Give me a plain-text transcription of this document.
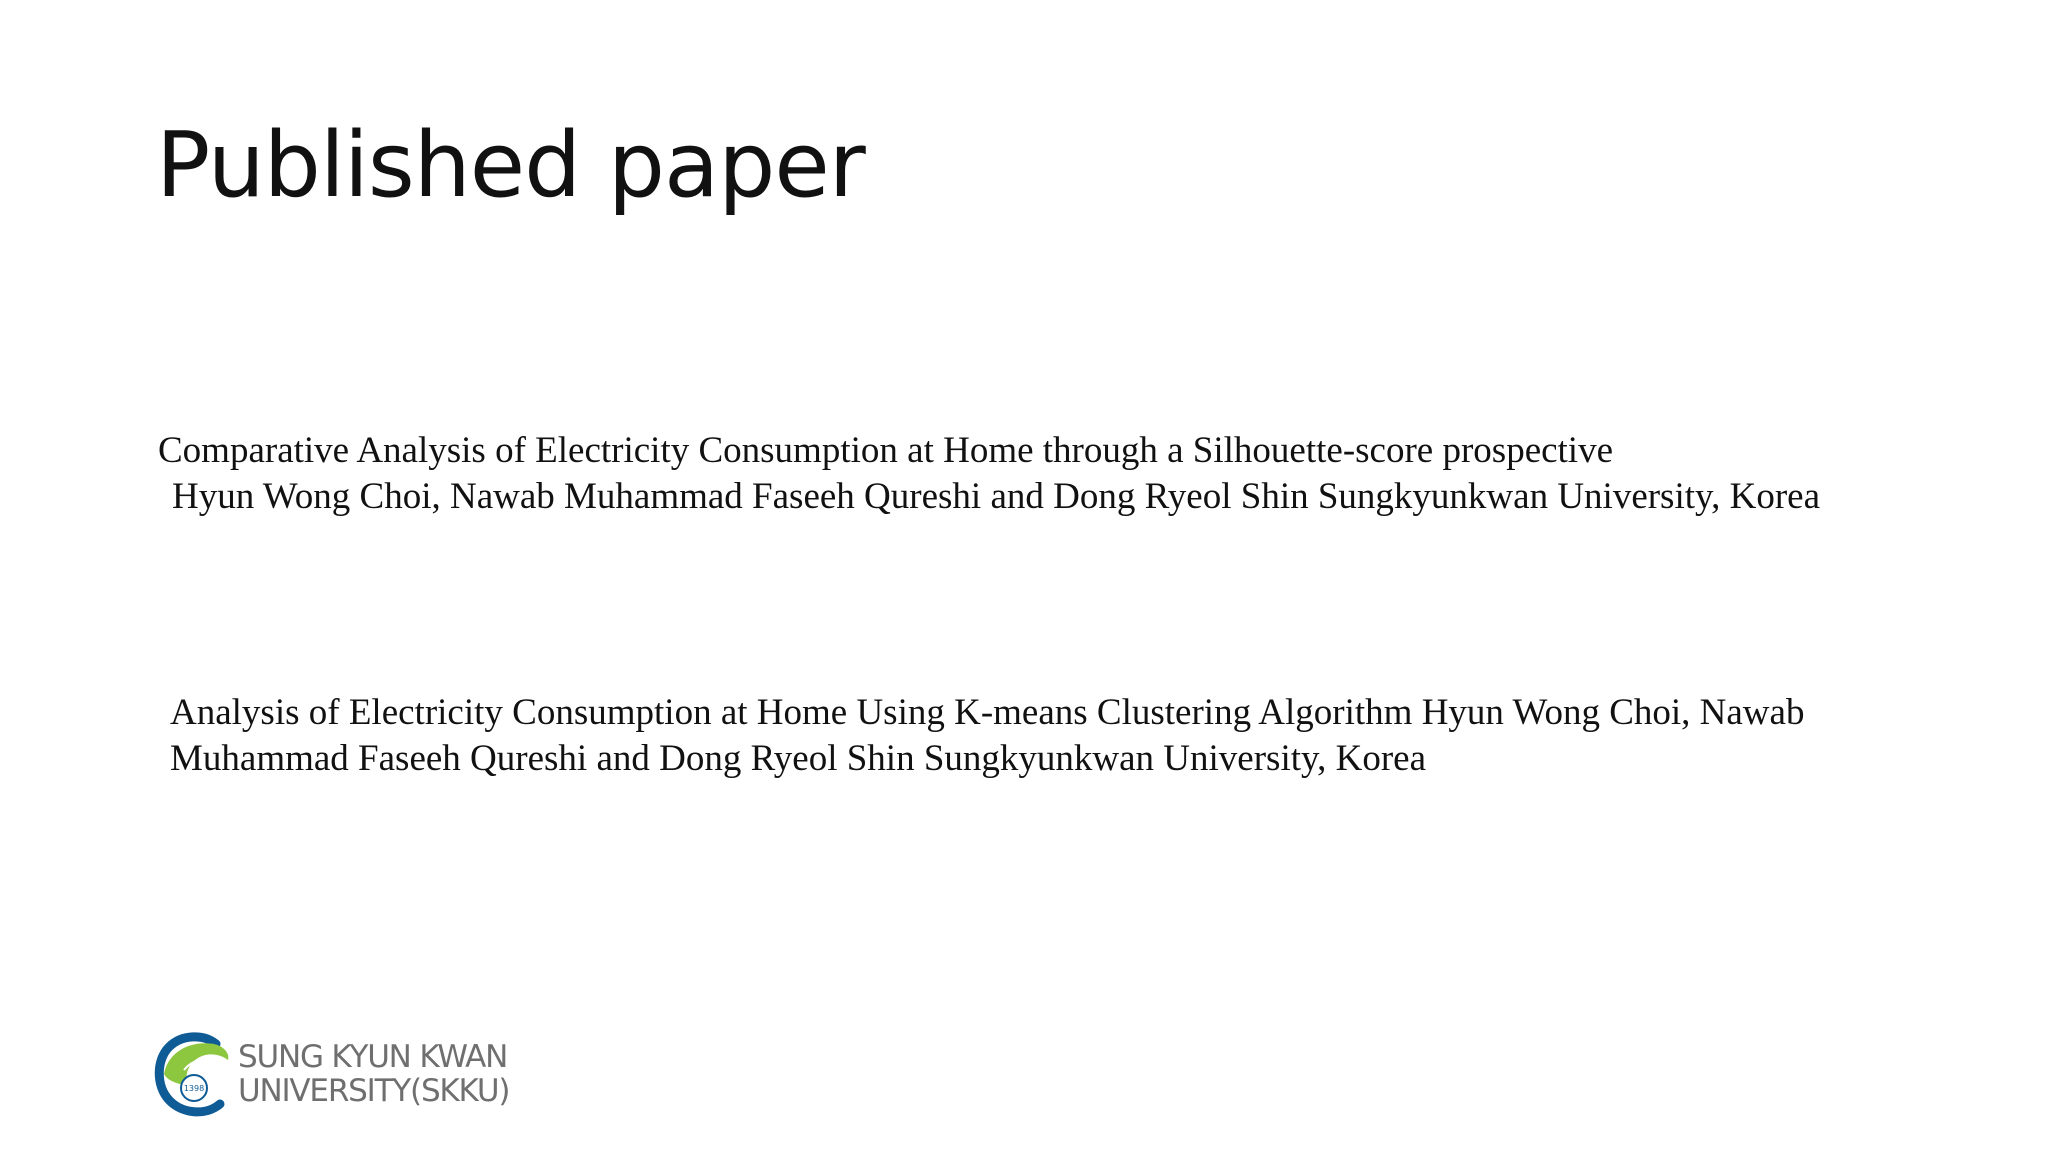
Published paper
Comparative Analysis of Electricity Consumption at Home through a Silhouette-score prospective
Hyun Wong Choi, Nawab Muhammad Faseeh Qureshi and Dong Ryeol Shin Sungkyunkwan University, Korea
Analysis of Electricity Consumption at Home Using K-means Clustering Algorithm Hyun Wong Choi, Nawab
Muhammad Faseeh Qureshi and Dong Ryeol Shin Sungkyunkwan University, Korea
1398
SUNG KYUN KWAN
UNIVERSITY(SKKU)
